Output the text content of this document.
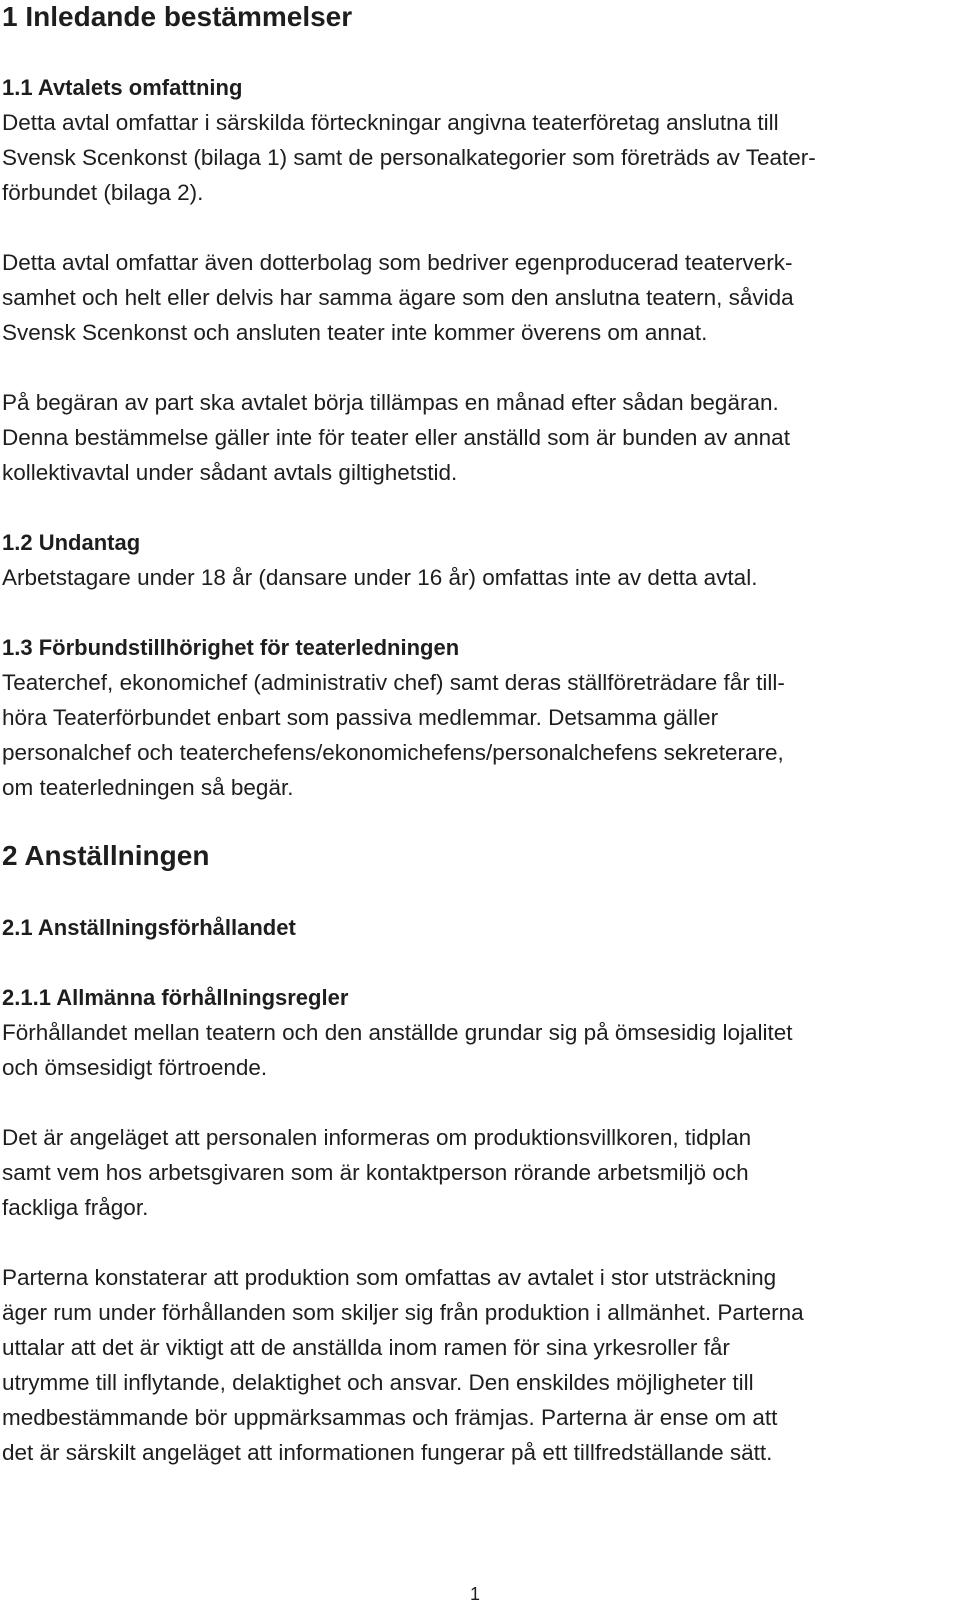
1 Inledande bestämmelser
1.1 Avtalets omfattning
Detta avtal omfattar i särskilda förteckningar angivna teaterföretag anslutna till
Svensk Scenkonst (bilaga 1) samt de personalkategorier som företräds av Teater-
förbundet (bilaga 2).
Detta avtal omfattar även dotterbolag som bedriver egenproducerad teaterverk-
samhet och helt eller delvis har samma ägare som den anslutna teatern, såvida
Svensk Scenkonst och ansluten teater inte kommer överens om annat.
På begäran av part ska avtalet börja tillämpas en månad efter sådan begäran.
Denna bestämmelse gäller inte för teater eller anställd som är bunden av annat
kollektivavtal under sådant avtals giltighetstid.
1.2 Undantag
Arbetstagare under 18 år (dansare under 16 år) omfattas inte av detta avtal.
1.3 Förbundstillhörighet för teaterledningen
Teaterchef, ekonomichef (administrativ chef) samt deras ställföreträdare får till-
höra Teaterförbundet enbart som passiva medlemmar. Detsamma gäller
personalchef och teaterchefens/ekonomichefens/personalchefens sekreterare,
om teaterledningen så begär.
2 Anställningen
2.1 Anställningsförhållandet
2.1.1 Allmänna förhållningsregler
Förhållandet mellan teatern och den anställde grundar sig på ömsesidig lojalitet
och ömsesidigt förtroende.
Det är angeläget att personalen informeras om produktionsvillkoren, tidplan
samt vem hos arbetsgivaren som är kontaktperson rörande arbetsmiljö och
fackliga frågor.
Parterna konstaterar att produktion som omfattas av avtalet i stor utsträckning
äger rum under förhållanden som skiljer sig från produktion i allmänhet. Parterna
uttalar att det är viktigt att de anställda inom ramen för sina yrkesroller får
utrymme till inflytande, delaktighet och ansvar. Den enskildes möjligheter till
medbestämmande bör uppmärksammas och främjas. Parterna är ense om att
det är särskilt angeläget att informationen fungerar på ett tillfredställande sätt.
1
